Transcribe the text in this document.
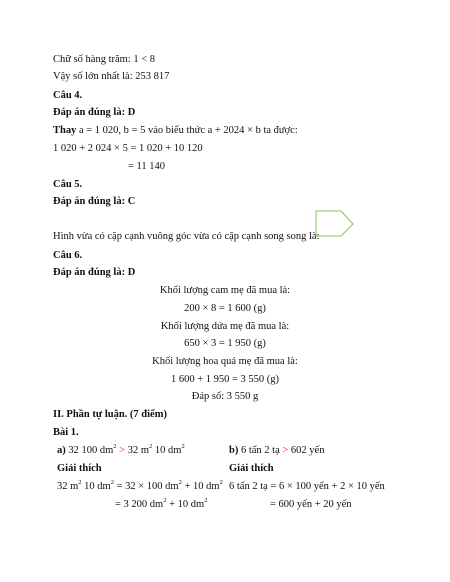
Chữ số hàng trăm: 1 < 8
Vậy số lớn nhất là: 253 817
Câu 4.
Đáp án đúng là: D
Thay a = 1 020, b = 5 vào biểu thức a + 2024 × b ta được:
1 020 + 2 024 × 5 = 1 020 + 10 120
= 11 140
Câu 5.
Đáp án đúng là: C
Hình vừa có cặp cạnh vuông góc vừa có cặp cạnh song song là:
Câu 6.
Đáp án đúng là: D
Khối lượng cam mẹ đã mua là:
200 × 8 = 1 600 (g)
Khối lượng dứa mẹ đã mua là:
650 × 3 = 1 950 (g)
Khối lượng hoa quả mẹ đã mua là:
1 600 + 1 950 = 3 550 (g)
Đáp số: 3 550 g
II. Phần tự luận. (7 điểm)
Bài 1.
a) 32 100 $dm^2 > 32$ $m^2$ 10 $dm^2$
Giải thích
32 $m^2$ 10 $dm^2 = 32 \times 100$ $dm^2 + 10$ $dm^2$
= 3 200 $dm^2 + 10$ $dm^2$
b) 6 tấn 2 tạ > 602 yến
Giải thích
6 tấn 2 tạ = 6 × 100 yến + 2 × 10 yến
= 600 yến + 20 yến
